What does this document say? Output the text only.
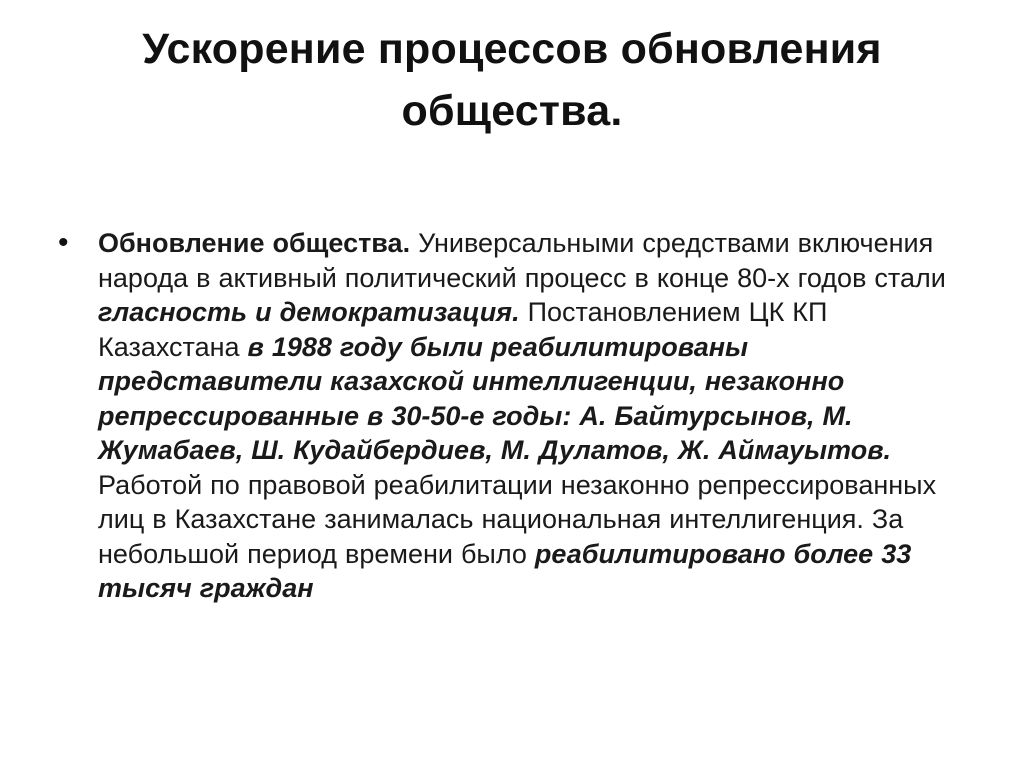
Ускорение процессов обновления общества.
•	Обновление общества. Универсальными средствами включения народа в активный политический процесс в конце 80-х годов стали гласность и демократизация. Постановлением ЦК КП Казахстана в 1988 году были реабилитированы представители казахской интеллигенции, незаконно репрессированные в 30-50-е годы: А. Байтурсынов, М. Жумабаев, Ш. Кудайбердиев, М. Дулатов, Ж. Аймауытов. Работой по правовой реабилитации незаконно репрессированных лиц в Казахстане занималась национальная интеллигенция. За небольшой период времени было реабилитировано более 33 тысяч граждан
